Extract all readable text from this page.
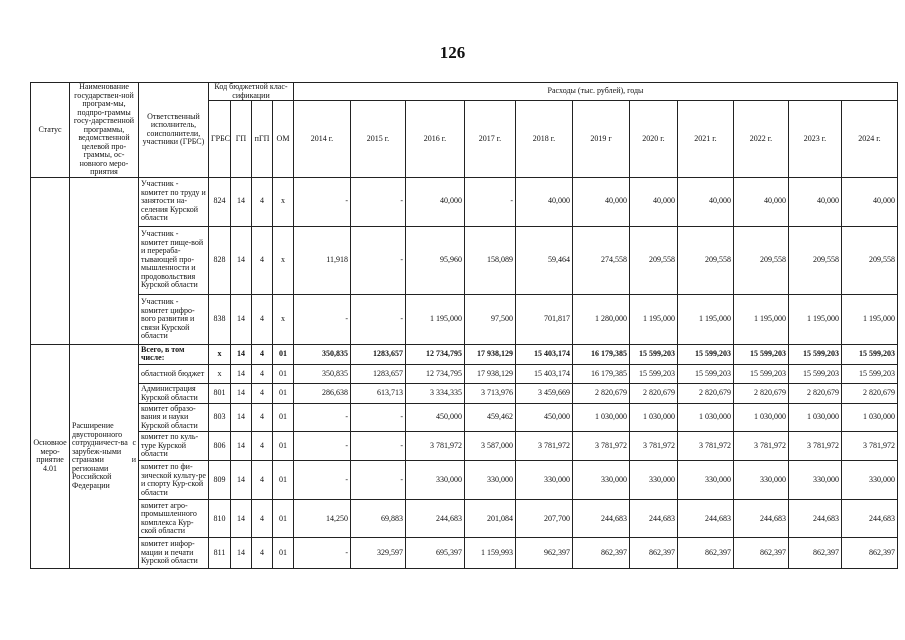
126
Статус	Наименование государствен-ной програм-мы, подпро-граммы госу-дарственной программы, ведомственной целевой про-граммы, ос-новного меро-приятия	Ответственный исполнитель, соисполнители, участники (ГРБС)	Код бюджетной клас-сификации				Расходы (тыс. рублей), годы										
			ГРБС	ГП	пГП	ОМ	2014 г.	2015 г.	2016 г.	2017 г.	2018 г.	2019 г	2020 г.	2021 г.	2022 г.	2023 г.	2024 г.
		Участник - комитет по труду и занятости на-селения Курской области	824	14	4	х	-	-	40,000	-	40,000	40,000	40,000	40,000	40,000	40,000	40,000
		Участник - комитет пище-вой и перераба-тывающей про-мышленности и продовольствия Курской области	828	14	4	х	11,918	-	95,960	158,089	59,464	274,558	209,558	209,558	209,558	209,558	209,558
		Участник - комитет цифро-вого развития и связи Курской области	838	14	4	х	-	-	1 195,000	97,500	701,817	1 280,000	1 195,000	1 195,000	1 195,000	1 195,000	1 195,000
Основное меро-приятие 4.01	Расширение двусторонного сотрудничест-ва с зарубеж-ными странами и регионами Российской Федерации	Всего, в том числе:	х	14	4	01	350,835	1283,657	12 734,795	17 938,129	15 403,174	16 179,385	15 599,203	15 599,203	15 599,203	15 599,203	15 599,203
		областной бюджет	х	14	4	01	350,835	1283,657	12 734,795	17 938,129	15 403,174	16 179,385	15 599,203	15 599,203	15 599,203	15 599,203	15 599,203
		Администрация Курской области	801	14	4	01	286,638	613,713	3 334,335	3 713,976	3 459,669	2 820,679	2 820,679	2 820,679	2 820,679	2 820,679	2 820,679
		комитет образо-вания и науки Курской области	803	14	4	01	-	-	450,000	459,462	450,000	1 030,000	1 030,000	1 030,000	1 030,000	1 030,000	1 030,000
		комитет по куль-туре Курской области	806	14	4	01	-	-	3 781,972	3 587,000	3 781,972	3 781,972	3 781,972	3 781,972	3 781,972	3 781,972	3 781,972
		комитет по фи-зической культу-ре и спорту Кур-ской области	809	14	4	01	-	-	330,000	330,000	330,000	330,000	330,000	330,000	330,000	330,000	330,000
		комитет агро-промышленного комплекса Кур-ской области	810	14	4	01	14,250	69,883	244,683	201,084	207,700	244,683	244,683	244,683	244,683	244,683	244,683
		комитет инфор-мации и печати Курской области	811	14	4	01	-	329,597	695,397	1 159,993	962,397	862,397	862,397	862,397	862,397	862,397	862,397
